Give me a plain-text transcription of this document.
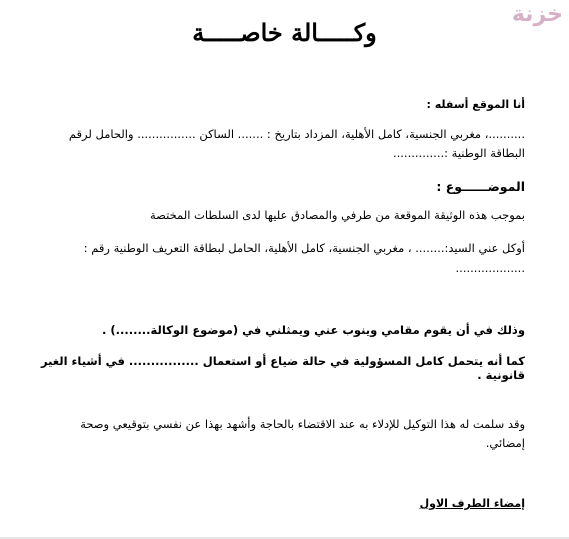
خزنة
وكـــــالة خاصـــــة
أنا الموقع أسفله :
..........، مغربي الجنسية، كامل الأهلية، المزداد بتاريخ : ....... الساكن ................ والحامل لرقم
البطاقة الوطنية :..............
الموضــــــوع :
بموجب هذه الوثيقة الموقعة من طرفي والمصادق عليها لدى السلطات المختصة
أوكل عني السيد:........ ، مغربي الجنسية، كامل الأهلية، الحامل لبطاقة التعريف الوطنية رقم :
...................
وذلك في أن يقوم مقامي وينوب عني ويمثلني في (موضوع الوكالة........) .
كما أنه يتحمل كامل المسؤولية في حالة ضياع أو استعمال ................ في أشياء الغير قانونية .
وقد سلمت له هذا التوكيل للإدلاء به عند الاقتضاء بالحاجة وأشهد بهذا عن نفسي بتوقيعي وصحة
إمضائي.
إمضاء الطرف الاول
